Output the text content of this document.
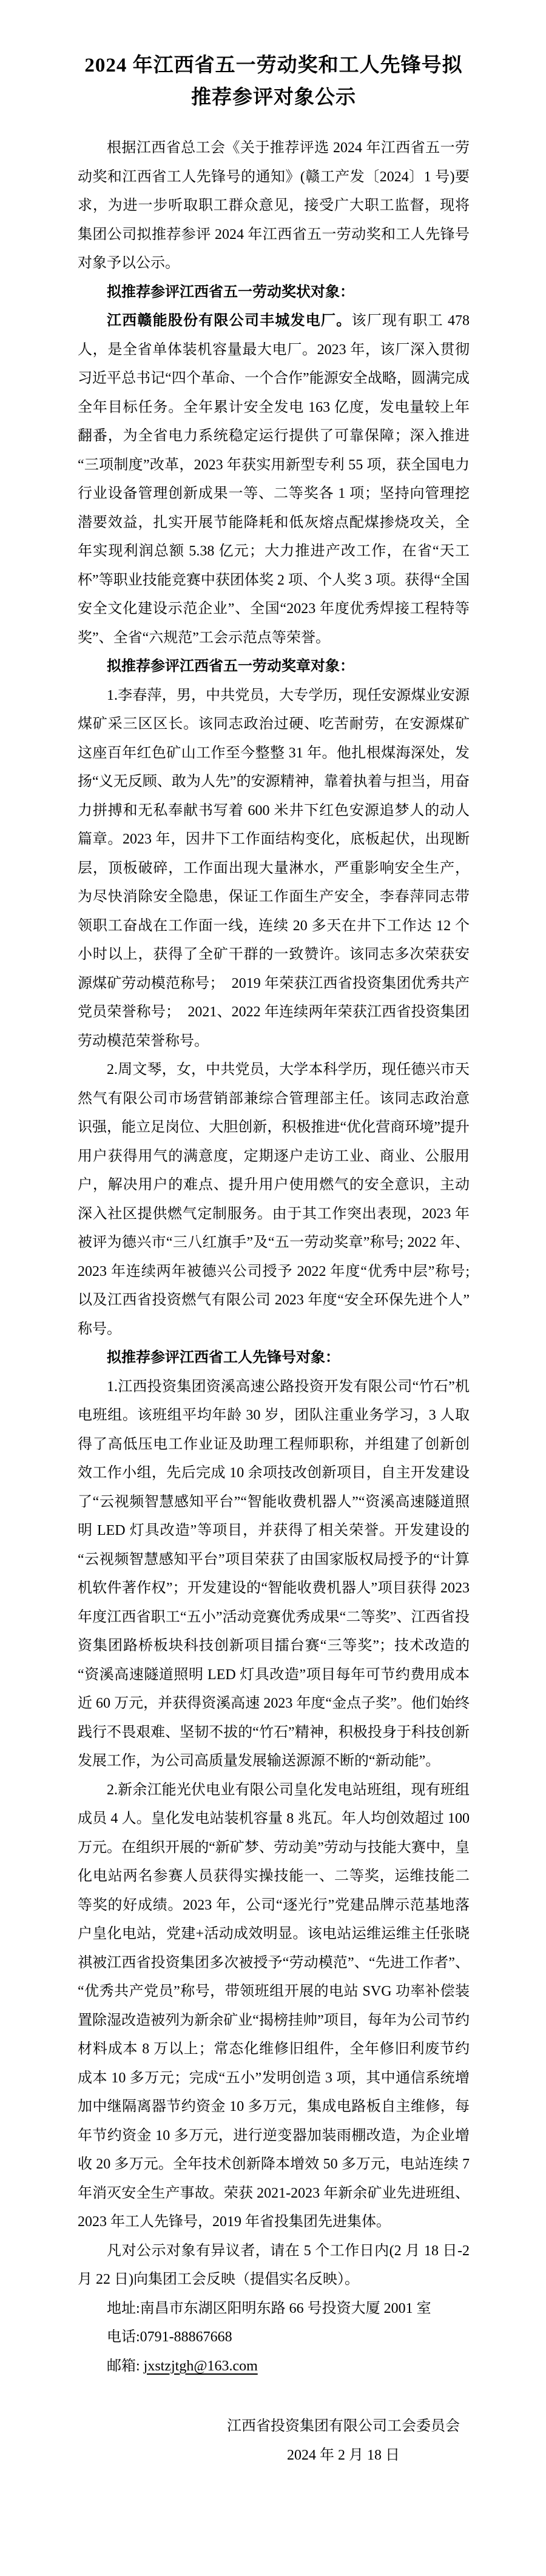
2024 年江西省五一劳动奖和工人先锋号拟
推荐参评对象公示

根据江西省总工会《关于推荐评选 2024 年江西省五一劳动奖和江西省工人先锋号的通知》(赣工产发〔2024〕1 号)要求，为进一步听取职工群众意见，接受广大职工监督，现将集团公司拟推荐参评 2024 年江西省五一劳动奖和工人先锋号对象予以公示。

拟推荐参评江西省五一劳动奖状对象：

江西赣能股份有限公司丰城发电厂。该厂现有职工 478 人，是全省单体装机容量最大电厂。2023 年，该厂深入贯彻习近平总书记“四个革命、一个合作”能源安全战略，圆满完成全年目标任务。全年累计安全发电 163 亿度，发电量较上年翻番，为全省电力系统稳定运行提供了可靠保障；深入推进“三项制度”改革，2023 年获实用新型专利 55 项，获全国电力行业设备管理创新成果一等、二等奖各 1 项；坚持向管理挖潜要效益，扎实开展节能降耗和低灰熔点配煤掺烧攻关，全年实现利润总额 5.38 亿元；大力推进产改工作，在省“天工杯”等职业技能竞赛中获团体奖 2 项、个人奖 3 项。获得“全国安全文化建设示范企业”、全国“2023 年度优秀焊接工程特等奖”、全省“六规范”工会示范点等荣誉。

拟推荐参评江西省五一劳动奖章对象：

1.李春萍，男，中共党员，大专学历，现任安源煤业安源煤矿采三区区长。该同志政治过硬、吃苦耐劳，在安源煤矿这座百年红色矿山工作至今整整 31 年。他扎根煤海深处，发扬“义无反顾、敢为人先”的安源精神，靠着执着与担当，用奋力拼搏和无私奉献书写着 600 米井下红色安源追梦人的动人篇章。2023 年，因井下工作面结构变化，底板起伏，出现断层，顶板破碎，工作面出现大量淋水，严重影响安全生产，为尽快消除安全隐患，保证工作面生产安全，李春萍同志带领职工奋战在工作面一线，连续 20 多天在井下工作达 12 个小时以上，获得了全矿干群的一致赞许。该同志多次荣获安源煤矿劳动模范称号；　2019 年荣获江西省投资集团优秀共产党员荣誉称号；　2021、2022 年连续两年荣获江西省投资集团劳动模范荣誉称号。

2.周文琴，女，中共党员，大学本科学历，现任德兴市天然气有限公司市场营销部兼综合管理部主任。该同志政治意识强，能立足岗位、大胆创新，积极推进“优化营商环境”提升用户获得用气的满意度，定期逐户走访工业、商业、公服用户，解决用户的难点、提升用户使用燃气的安全意识，主动深入社区提供燃气定制服务。由于其工作突出表现，2023 年被评为德兴市“三八红旗手”及“五一劳动奖章”称号; 2022 年、2023 年连续两年被德兴公司授予 2022 年度“优秀中层”称号; 以及江西省投资燃气有限公司 2023 年度“安全环保先进个人”称号。

拟推荐参评江西省工人先锋号对象：

1.江西投资集团资溪高速公路投资开发有限公司“竹石”机电班组。该班组平均年龄 30 岁，团队注重业务学习，3 人取得了高低压电工作业证及助理工程师职称，并组建了创新创效工作小组，先后完成 10 余项技改创新项目，自主开发建设了“云视频智慧感知平台”“智能收费机器人”“资溪高速隧道照明 LED 灯具改造”等项目，并获得了相关荣誉。开发建设的“云视频智慧感知平台”项目荣获了由国家版权局授予的“计算机软件著作权”；开发建设的“智能收费机器人”项目获得 2023 年度江西省职工“五小”活动竞赛优秀成果“二等奖”、江西省投资集团路桥板块科技创新项目擂台赛“三等奖”；技术改造的“资溪高速隧道照明 LED 灯具改造”项目每年可节约费用成本近 60 万元，并获得资溪高速 2023 年度“金点子奖”。他们始终践行不畏艰难、坚韧不拔的“竹石”精神，积极投身于科技创新发展工作，为公司高质量发展输送源源不断的“新动能”。

2.新余江能光伏电业有限公司皇化发电站班组，现有班组成员 4 人。皇化发电站装机容量 8 兆瓦。年人均创效超过 100 万元。在组织开展的“新矿梦、劳动美”劳动与技能大赛中，皇化电站两名参赛人员获得实操技能一、二等奖，运维技能二等奖的好成绩。2023 年，公司“逐光行”党建品牌示范基地落户皇化电站，党建+活动成效明显。该电站运维运维主任张晓祺被江西省投资集团多次被授予“劳动模范”、“先进工作者”、“优秀共产党员”称号，带领班组开展的电站 SVG 功率补偿装置除湿改造被列为新余矿业“揭榜挂帅”项目，每年为公司节约材料成本 8 万以上；常态化维修旧组件，全年修旧利废节约成本 10 多万元；完成“五小”发明创造 3 项，其中通信系统增加中继隔离器节约资金 10 多万元，集成电路板自主维修，每年节约资金 10 多万元，进行逆变器加装雨棚改造，为企业增收 20 多万元。全年技术创新降本增效 50 多万元，电站连续 7 年消灭安全生产事故。荣获 2021-2023 年新余矿业先进班组、2023 年工人先锋号，2019 年省投集团先进集体。

凡对公示对象有异议者，请在 5 个工作日内(2 月 18 日-2 月 22 日)向集团工会反映（提倡实名反映）。

地址:南昌市东湖区阳明东路 66 号投资大厦 2001 室

电话:0791-88867668

邮箱: jxstzjtgh@163.com

江西省投资集团有限公司工会委员会
2024 年 2 月 18 日
